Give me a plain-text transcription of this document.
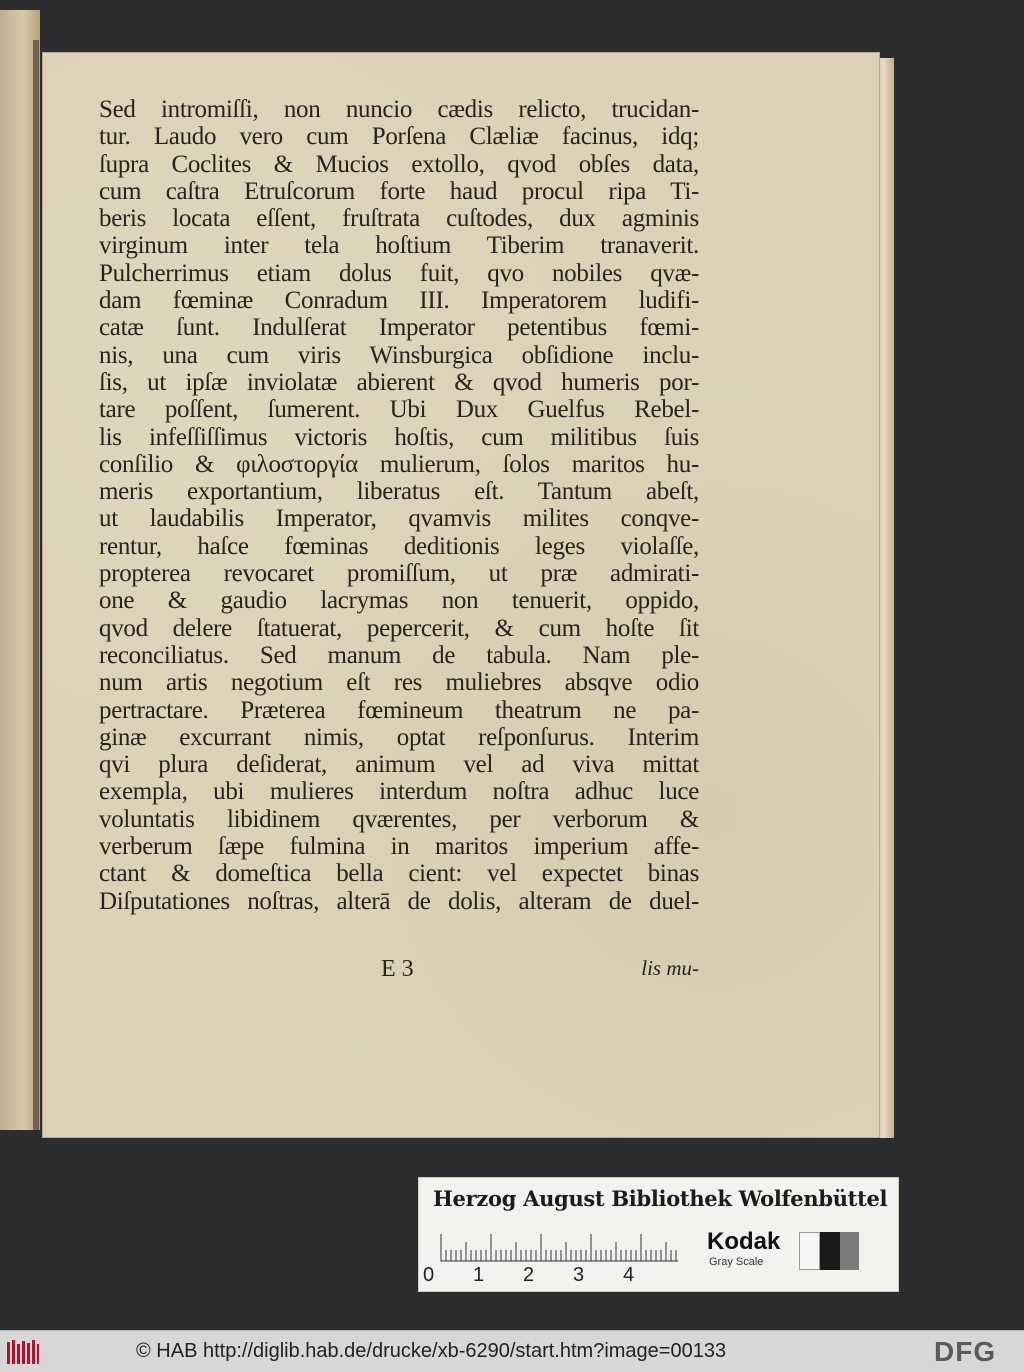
Sed intromiſſi, non nuncio cædis relicto, trucidan-
tur. Laudo vero cum Porſena Clæliæ facinus, idq;
ſupra Coclites & Mucios extollo, qvod obſes data,
cum caſtra Etruſcorum forte haud procul ripa Ti-
beris locata eſſent, fruſtrata cuſtodes, dux agminis
virginum inter tela hoſtium Tiberim tranaverit.
Pulcherrimus etiam dolus fuit, qvo nobiles qvæ-
dam fœminæ Conradum III. Imperatorem ludifi-
catæ ſunt. Indulſerat Imperator petentibus fœmi-
nis, una cum viris Winsburgica obſidione inclu-
ſis, ut ipſæ inviolatæ abierent & qvod humeris por-
tare poſſent, ſumerent. Ubi Dux Guelfus Rebel-
lis infeſſiſſimus victoris hoſtis, cum militibus ſuis
conſilio & φιλοστοργία mulierum, ſolos maritos hu-
meris exportantium, liberatus eſt. Tantum abeſt,
ut laudabilis Imperator, qvamvis milites conqve-
rentur, haſce fœminas deditionis leges violaſſe,
propterea revocaret promiſſum, ut præ admirati-
one & gaudio lacrymas non tenuerit, oppido,
qvod delere ſtatuerat, pepercerit, & cum hoſte ſit
reconciliatus. Sed manum de tabula. Nam ple-
num artis negotium eſt res muliebres absqve odio
pertractare. Præterea fœmineum theatrum ne pa-
ginæ excurrant nimis, optat reſponſurus. Interim
qvi plura deſiderat, animum vel ad viva mittat
exempla, ubi mulieres interdum noſtra adhuc luce
voluntatis libidinem qværentes, per verborum &
verberum ſæpe fulmina in maritos imperium affe-
ctant & domeſtica bella cient: vel expectet binas
Diſputationes noſtras, alterā de dolis, alteram de duel-
E 3	lis mu-
Herzog August Bibliothek Wolfenbüttel
0 1 2 3 4
Kodak
Gray Scale
© HAB http://diglib.hab.de/drucke/xb-6290/start.htm?image=00133	DFG
